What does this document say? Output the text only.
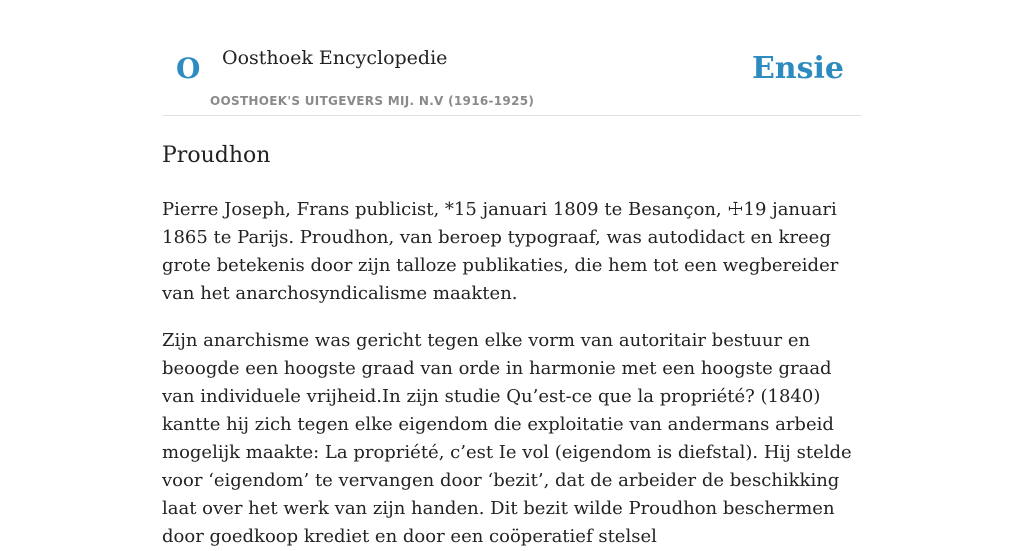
O Oosthoek Encyclopedie
OOSTHOEK'S UITGEVERS MIJ. N.V (1916-1925)
Ensie
Proudhon

Pierre Joseph, Frans publicist, *15 januari 1809 te Besançon, ☩19 januari 1865 te Parijs. Proudhon, van beroep typograaf, was autodidact en kreeg grote betekenis door zijn talloze publikaties, die hem tot een wegbereider van het anarchosyndicalisme maakten.

Zijn anarchisme was gericht tegen elke vorm van autoritair bestuur en beoogde een hoogste graad van orde in harmonie met een hoogste graad van individuele vrijheid.In zijn studie Qu’est-ce que la propriété? (1840) kantte hij zich tegen elke eigendom die exploitatie van andermans arbeid mogelijk maakte: La propriété, c’est Ie vol (eigendom is diefstal). Hij stelde voor ‘eigendom’ te vervangen door ‘bezit’, dat de arbeider de beschikking laat over het werk van zijn handen. Dit bezit wilde Proudhon beschermen door goedkoop krediet en door een coöperatief stelsel
